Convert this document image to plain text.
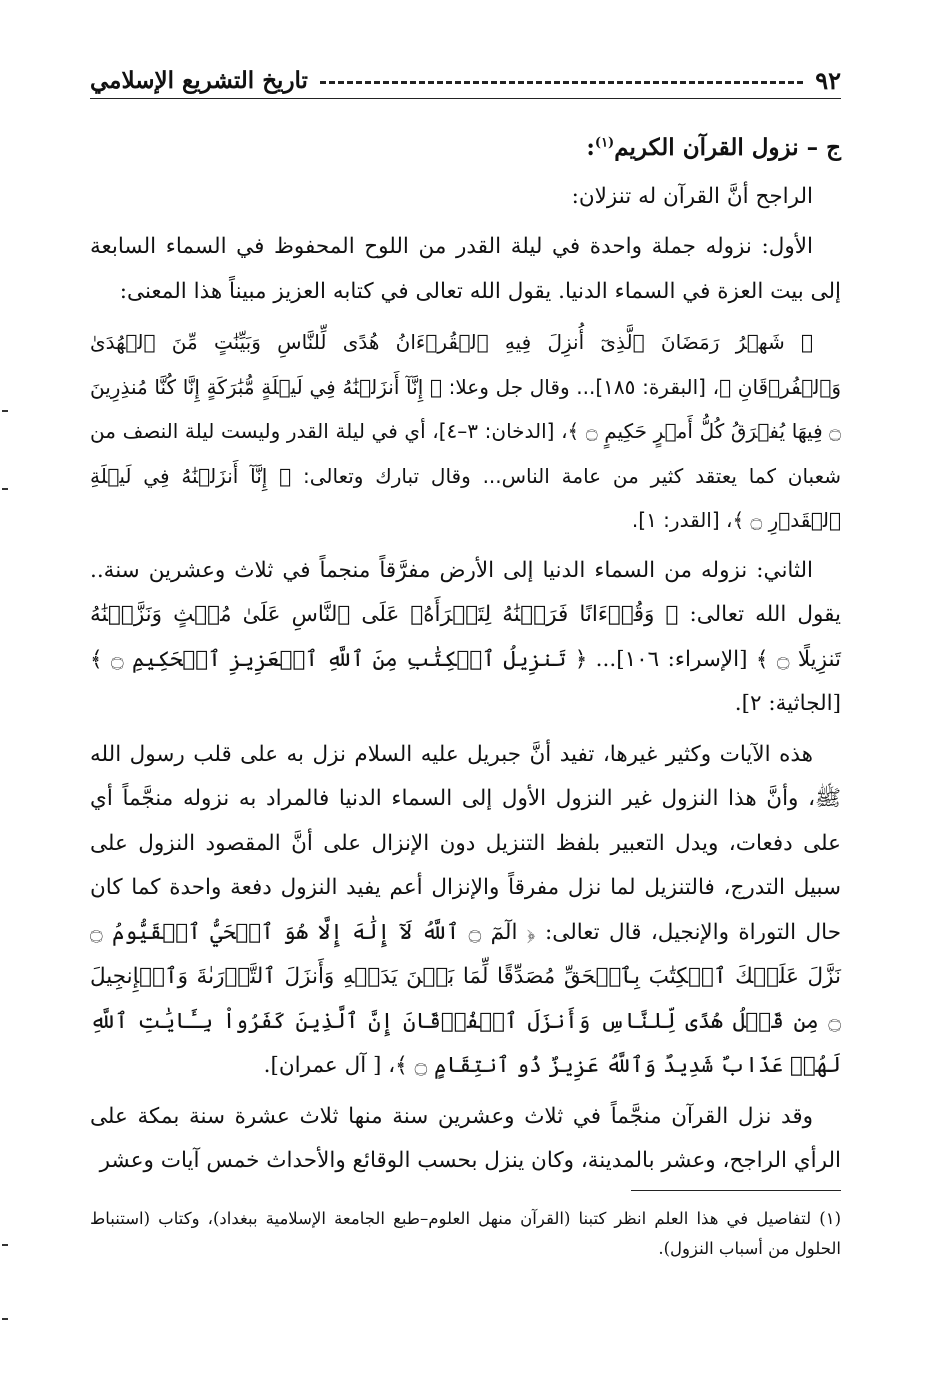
٩٢
تاريخ التشريع الإسلامي

ج – نزول القرآن الكريم$^{(١)}$:

الراجح أنَّ القرآن له تنزلان:

الأول: نزوله جملة واحدة في ليلة القدر من اللوح المحفوظ في السماء السابعة إلى بيت العزة في السماء الدنيا. يقول الله تعالى في كتابه العزيز مبيناً هذا المعنى:

﴿ شَهۡرُ رَمَضَانَ ٱلَّذِىٓ أُنزِلَ فِيهِ ٱلۡقُرۡءَانُ هُدًى لِّلنَّاسِ وَبَيِّنَٰتٍ مِّنَ ٱلۡهُدَىٰ وَٱلۡفُرۡقَانِ ﴾، [البقرة: ١٨٥]... وقال جل وعلا: ﴿ إِنَّآ أَنزَلۡنَٰهُ فِي لَيۡلَةٍ مُّبَٰرَكَةٍ إِنَّا كُنَّا مُنذِرِينَ ۝ فِيهَا يُفۡرَقُ كُلُّ أَمۡرٍ حَكِيمٍ ۝ ﴾، [الدخان: ٣–٤]، أي في ليلة القدر وليست ليلة النصف من شعبان كما يعتقد كثير من عامة الناس... وقال تبارك وتعالى: ﴿ إِنَّآ أَنزَلۡنَٰهُ فِي لَيۡلَةِ ٱلۡقَدۡرِ ۝ ﴾، [القدر: ١].

الثاني: نزوله من السماء الدنيا إلى الأرض مفرَّقاً منجماً في ثلاث وعشرين سنة.. يقول الله تعالى: ﴿ وَقُرۡءَانًا فَرَقۡنَٰهُ لِتَقۡرَأَهُۥ عَلَى ٱلنَّاسِ عَلَىٰ مُكۡثٍ وَنَزَّلۡنَٰهُ تَنزِيلًا ۝ ﴾ [الإسراء: ١٠٦]... ﴿ تَنزِيلُ ٱلۡكِتَٰبِ مِنَ ٱللَّهِ ٱلۡعَزِيزِ ٱلۡحَكِيمِ ۝ ﴾ [الجاثية: ٢].

هذه الآيات وكثير غيرها، تفيد أنَّ جبريل عليه السلام نزل به على قلب رسول الله ﷺ، وأنَّ هذا النزول غير النزول الأول إلى السماء الدنيا فالمراد به نزوله منجَّماً أي على دفعات، ويدل التعبير بلفظ التنزيل دون الإنزال على أنَّ المقصود النزول على سبيل التدرج، فالتنزيل لما نزل مفرقاً والإنزال أعم يفيد النزول دفعة واحدة كما كان حال التوراة والإنجيل، قال تعالى: ﴿ الٓمٓ ۝ ٱللَّهُ لَآ إِلَٰهَ إِلَّا هُوَ ٱلۡحَيُّ ٱلۡقَيُّومُ ۝ نَزَّلَ عَلَيۡكَ ٱلۡكِتَٰبَ بِٱلۡحَقِّ مُصَدِّقًا لِّمَا بَيۡنَ يَدَيۡهِ وَأَنزَلَ ٱلتَّوۡرَىٰةَ وَٱلۡإِنجِيلَ ۝ مِن قَبۡلُ هُدًى لِّلنَّاسِ وَأَنزَلَ ٱلۡفُرۡقَانَ إِنَّ ٱلَّذِينَ كَفَرُواْ بِـَٔايَٰتِ ٱللَّهِ لَهُمۡ عَذَابٌ شَدِيدٌ وَٱللَّهُ عَزِيزٌ ذُو ٱنتِقَامٍ ۝ ﴾، [ آل عمران].

وقد نزل القرآن منجَّماً في ثلاث وعشرين سنة منها ثلاث عشرة سنة بمكة على الرأي الراجح، وعشر بالمدينة، وكان ينزل بحسب الوقائع والأحداث خمس آيات وعشر

(١) لتفاصيل في هذا العلم انظر كتبنا (القرآن منهل العلوم–طبع الجامعة الإسلامية ببغداد)، وكتاب (استنباط الحلول من أسباب النزول).
